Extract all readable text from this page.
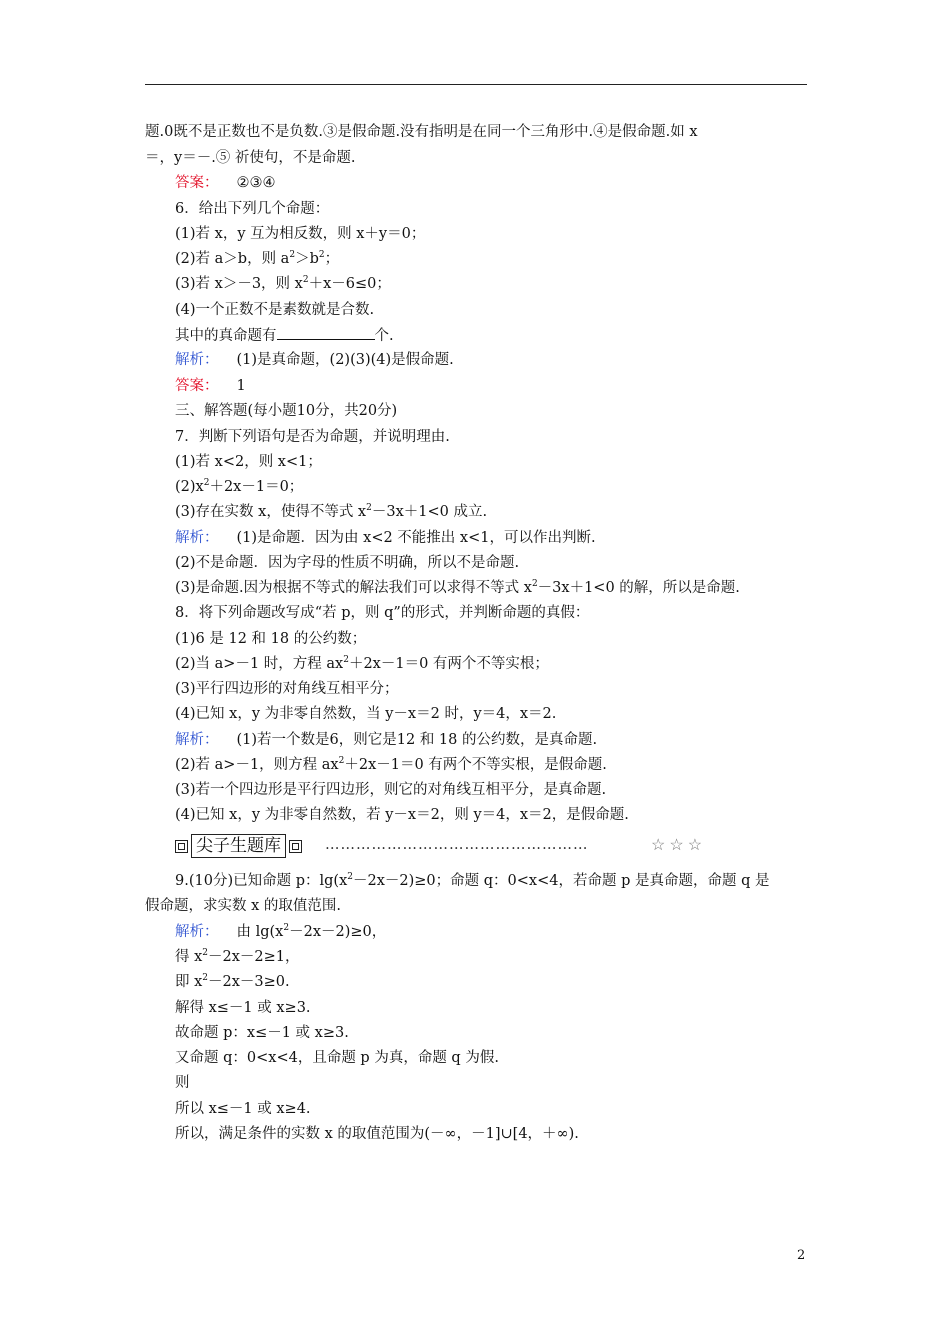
题.0既不是正数也不是负数.③是假命题.没有指明是在同一个三角形中.④是假命题.如 x
＝，y＝－.⑤ 祈使句，不是命题.
答案： ②③④
6．给出下列几个命题：
(1)若 x，y 互为相反数，则 x＋y＝0；
(2)若 a＞b，则 $a^2>b^2$；
(3)若 x＞－3，则 $x^2+x-6\le 0$；
(4)一个正数不是素数就是合数.
其中的真命题有	个.
解析： (1)是真命题，(2)(3)(4)是假命题.
答案： 1
三、解答题(每小题10分，共20分)
7．判断下列语句是否为命题，并说明理由.
(1)若 x<2，则 x<1；
$(2)x^2+2x-1=0$；
(3)存在实数 x，使得不等式 $x^2-3x+1<0$ 成立.
解析： (1)是命题．因为由 x<2 不能推出 x<1，可以作出判断.
(2)不是命题．因为字母的性质不明确，所以不是命题.
(3)是命题.因为根据不等式的解法我们可以求得不等式 $x^2-3x+1<0$ 的解，所以是命题.
8．将下列命题改写成“若 p，则 q”的形式，并判断命题的真假：
(1)6 是 12 和 18 的公约数；
(2)当 a>－1 时，方程 $ax^2+2x-1=0$ 有两个不等实根；
(3)平行四边形的对角线互相平分；
(4)已知 x，y 为非零自然数，当 y－x＝2 时，y＝4，x＝2.
解析： (1)若一个数是6，则它是12 和 18 的公约数，是真命题.
(2)若 a>－1，则方程 $ax^2+2x-1=0$ 有两个不等实根，是假命题.
(3)若一个四边形是平行四边形，则它的对角线互相平分，是真命题.
(4)已知 x，y 为非零自然数，若 y－x＝2，则 y＝4，x＝2，是假命题.
尖子生题库	……………………………………………	☆☆☆
9.(10分)已知命题 p：$\lg(x^2-2x-2)\ge 0$；命题 q：0<x<4，若命题 p 是真命题，命题 q 是
假命题，求实数 x 的取值范围.
解析： 由 $\lg(x^2-2x-2)\ge 0$，
得 $x^2-2x-2\ge 1$，
即 $x^2-2x-3\ge 0$.
解得 x≤－1 或 x≥3.
故命题 p：x≤－1 或 x≥3.
又命题 q：0<x<4，且命题 p 为真，命题 q 为假.
则
所以 x≤－1 或 x≥4.
所以，满足条件的实数 x 的取值范围为(－∞，－1]∪[4，＋∞).
2
